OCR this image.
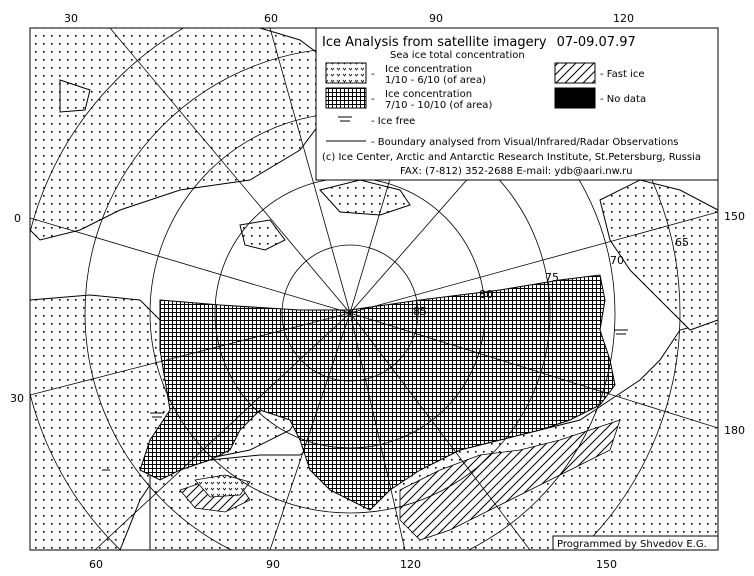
30	60	90	120
60	90	120	150
0
30
150
180
85
80
75
70
65
Ice Analysis from satellite imagery 07-09.07.97
Sea ice total concentration
- Ice concentration
1/10 - 6/10 (of area)
- Ice concentration
7/10 - 10/10 (of area)
- Fast ice
- No data
- Ice free
- Boundary analysed from Visual/Infrared/Radar Observations
(c) Ice Center, Arctic and Antarctic Research Institute, St.Petersburg, Russia
FAX: (7-812) 352-2688 E-mail: ydb@aari.nw.ru
Programmed by Shvedov E.G.
